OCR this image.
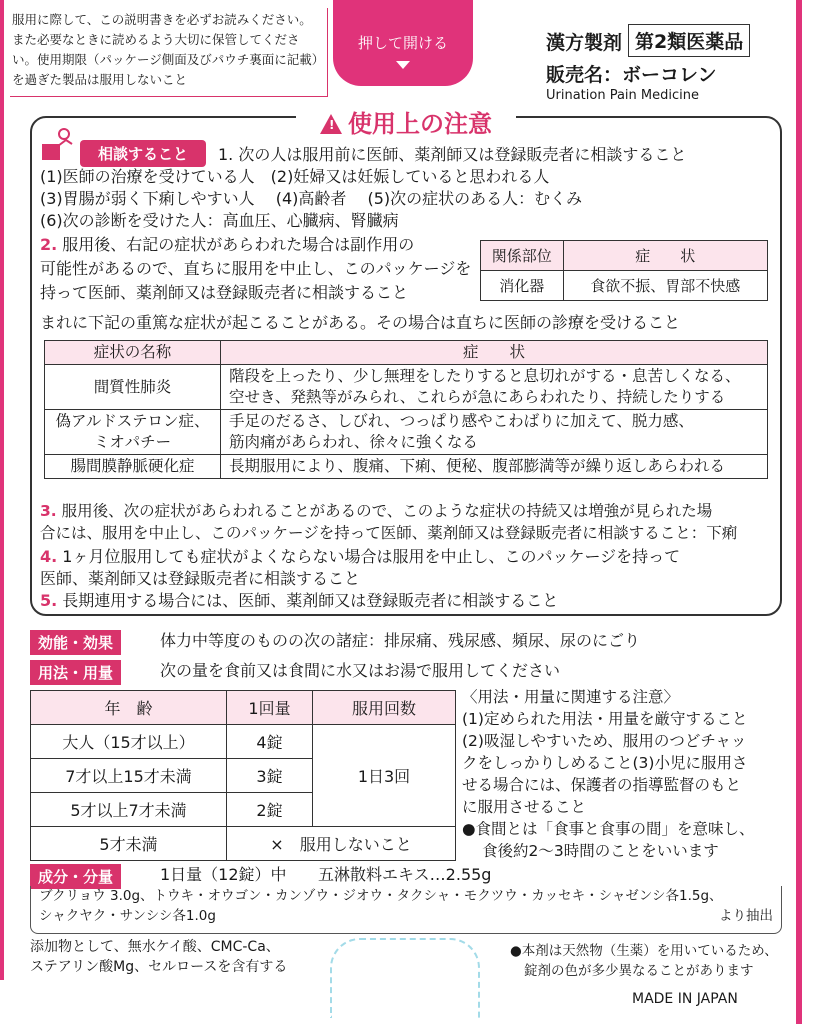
服用に際して、この説明書きを必ずお読みください。また必要なときに読めるよう大切に保管してください。使用期限（パッケージ側面及びパウチ裏面に記載）を過ぎた製品は服用しないこと
押して開ける	漢方製剤 第2類医薬品
販売名：ボーコレン
Urination Pain Medicine
! 使用上の注意
相談すること	1. 次の人は服用前に医師、薬剤師又は登録販売者に相談すること
(1)医師の治療を受けている人　(2)妊婦又は妊娠していると思われる人
(3)胃腸が弱く下痢しやすい人　 (4)高齢者　 (5)次の症状のある人：むくみ
(6)次の診断を受けた人：高血圧、心臓病、腎臓病
2. 服用後、右記の症状があらわれた場合は副作用の
可能性があるので、直ちに服用を中止し、このパッケージを
持って医師、薬剤師又は登録販売者に相談すること
関係部位	症　　状
消化器	食欲不振、胃部不快感
まれに下記の重篤な症状が起こることがある。その場合は直ちに医師の診療を受けること
症状の名称	症　　状
間質性肺炎	階段を上ったり、少し無理をしたりすると息切れがする・息苦しくなる、
空せき、発熱等がみられ、これらが急にあらわれたり、持続したりする

偽アルドステロン症、ミオパチー	手足のだるさ、しびれ、つっぱり感やこわばりに加えて、脱力感、
筋肉痛があらわれ、徐々に強くなる

腸間膜静脈硬化症	長期服用により、腹痛、下痢、便秘、腹部膨満等が繰り返しあらわれる
3. 服用後、次の症状があらわれることがあるので、このような症状の持続又は増強が見られた場
合には、服用を中止し、このパッケージを持って医師、薬剤師又は登録販売者に相談すること：下痢
4. 1ヶ月位服用しても症状がよくならない場合は服用を中止し、このパッケージを持って
医師、薬剤師又は登録販売者に相談すること
5. 長期連用する場合には、医師、薬剤師又は登録販売者に相談すること
効能・効果	体力中等度のものの次の諸症：排尿痛、残尿感、頻尿、尿のにごり
用法・用量	次の量を食前又は食間に水又はお湯で服用してください
年　齢	1回量	服用回数
大人（15才以上）	4錠	1日3回
7才以上15才未満	3錠	
5才以上7才未満	2錠	
5才未満	×　服用しないこと	
〈用法・用量に関連する注意〉
(1)定められた用法・用量を厳守すること
(2)吸湿しやすいため、服用のつどチャッ
クをしっかりしめること(3)小児に服用さ
せる場合には、保護者の指導監督のもと
に服用させること
●食間とは「食事と食事の間」を意味し、
食後約2〜3時間のことをいいます
成分・分量	1日量（12錠）中 五淋散料エキス…2.55g
ブクリョウ 3.0g、トウキ・オウゴン・カンゾウ・ジオウ・タクシャ・モクツウ・カッセキ・シャゼンシ各1.5g、
シャクヤク・サンシシ各1.0g	より抽出
添加物として、無水ケイ酸、CMC-Ca、
ステアリン酸Mg、セルロースを含有する
●本剤は天然物（生薬）を用いているため、
錠剤の色が多少異なることがあります
MADE IN JAPAN
